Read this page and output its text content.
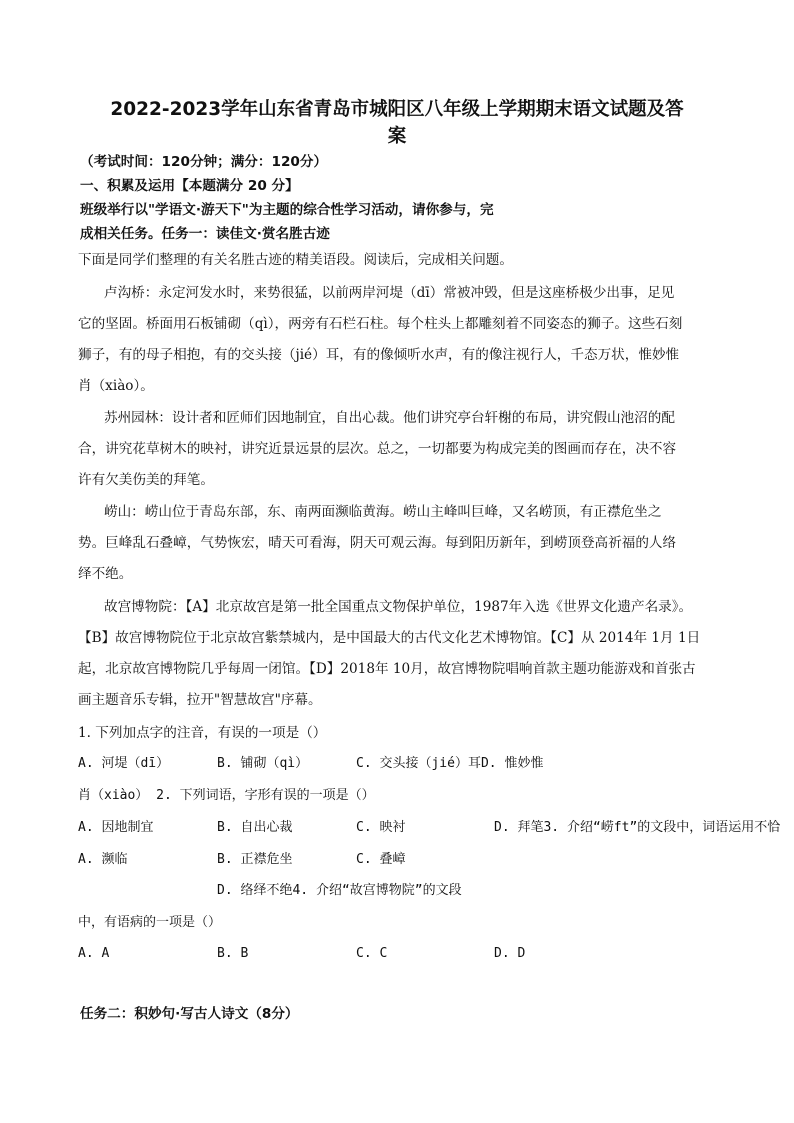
2022-2023学年山东省青岛市城阳区八年级上学期期末语文试题及答
案
（考试时间：120分钟；满分：120分）
一、积累及运用【本题满分 20 分】
班级举行以"学语文·游天下"为主题的综合性学习活动，请你参与，完
成相关任务。任务一：读佳文·赏名胜古迹
下面是同学们整理的有关名胜古迹的精美语段。阅读后，完成相关问题。
卢沟桥：永定河发水时，来势很猛，以前两岸河堤（dī）常被冲毁，但是这座桥极少出事，足见
它的坚固。桥面用石板铺砌（qì），两旁有石栏石柱。每个柱头上都雕刻着不同姿态的狮子。这些石刻
狮子，有的母子相抱，有的交头接（jié）耳，有的像倾听水声，有的像注视行人，千态万状，惟妙惟
肖（xiào）。
苏州园林：设计者和匠师们因地制宜，自出心裁。他们讲究亭台轩榭的布局，讲究假山池沼的配
合，讲究花草树木的映衬，讲究近景远景的层次。总之，一切都要为构成完美的图画而存在，决不容
许有欠美伤美的拜笔。
崂山：崂山位于青岛东部，东、南两面濒临黄海。崂山主峰叫巨峰，又名崂顶，有正襟危坐之
势。巨峰乱石叠嶂，气势恢宏，晴天可看海，阴天可观云海。每到阳历新年，到崂顶登高祈福的人络
绎不绝。
故宫博物院：【A】北京故宫是第一批全国重点文物保护单位，1987年入选《世界文化遗产名录》。
【B】故宫博物院位于北京故宫紫禁城内，是中国最大的古代文化艺术博物馆。【C】从 2014年 1月 1日
起，北京故宫博物院几乎每周一闭馆。【D】2018年 10月，故宫博物院唱响首款主题功能游戏和首张古
画主题音乐专辑，拉开"智慧故宫"序幕。
1. 下列加点字的注音，有误的一项是（）
A. 河堤（dī）	B. 铺砌（qì）	C. 交头接（jié）耳D. 惟妙惟
肖（xiào） 2. 下列词语，字形有误的一项是（）
A. 因地制宜	B. 自出心裁	C. 映衬	D. 拜笔3. 介绍“崂ft”的文段中，词语运用不恰
A. 濒临	B. 正襟危坐	C. 叠嶂
D. 络绎不绝4. 介绍“故宫博物院”的文段
中，有语病的一项是（）
A. A	B. B	C. C	D. D
任务二：积妙句·写古人诗文（8分）
